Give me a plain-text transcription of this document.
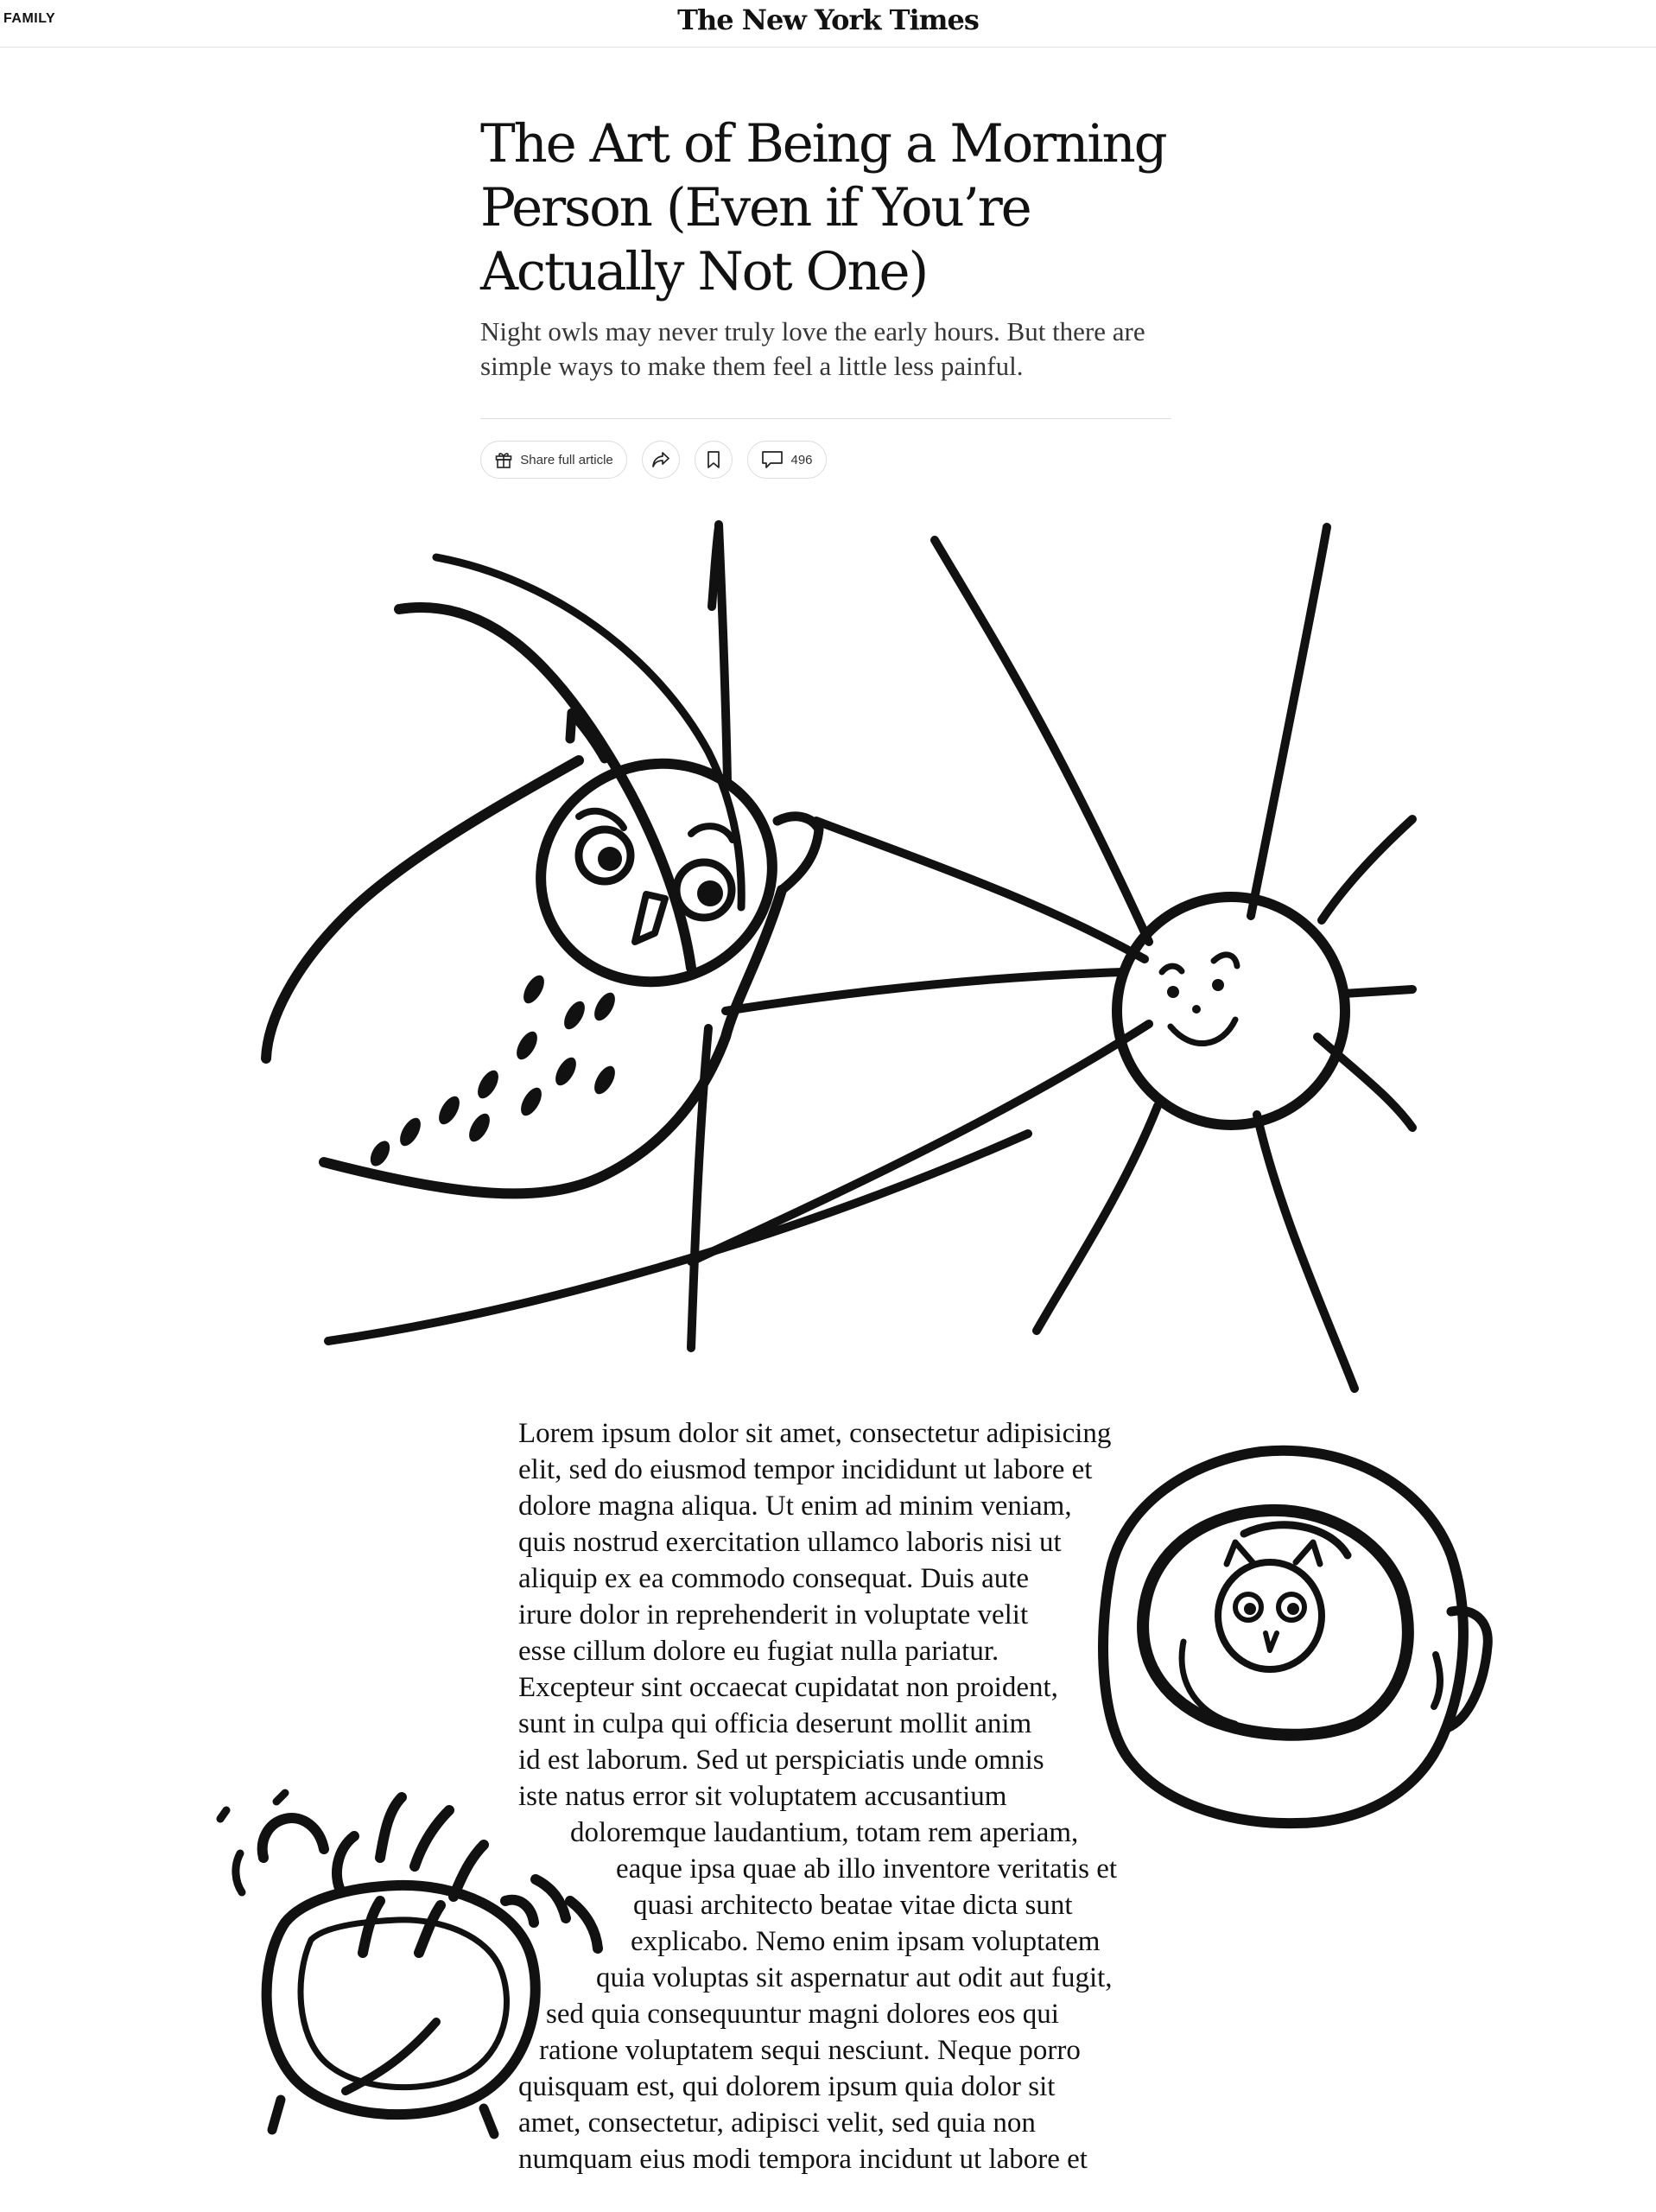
FAMILY	The New York Times
The Art of Being a Morning Person (Even if You’re Actually Not One)

Night owls may never truly love the early hours. But there are simple ways to make them feel a little less painful.

Share full article	496
Lorem ipsum dolor sit amet, consectetur adipisicing
elit, sed do eiusmod tempor incididunt ut labore et
dolore magna aliqua. Ut enim ad minim veniam,
quis nostrud exercitation ullamco laboris nisi ut
aliquip ex ea commodo consequat. Duis aute
irure dolor in reprehenderit in voluptate velit
esse cillum dolore eu fugiat nulla pariatur.
Excepteur sint occaecat cupidatat non proident,
sunt in culpa qui officia deserunt mollit anim
id est laborum. Sed ut perspiciatis unde omnis
iste natus error sit voluptatem accusantium
doloremque laudantium, totam rem aperiam,
eaque ipsa quae ab illo inventore veritatis et
quasi architecto beatae vitae dicta sunt
explicabo. Nemo enim ipsam voluptatem
quia voluptas sit aspernatur aut odit aut fugit,
sed quia consequuntur magni dolores eos qui
ratione voluptatem sequi nesciunt. Neque porro
quisquam est, qui dolorem ipsum quia dolor sit
amet, consectetur, adipisci velit, sed quia non
numquam eius modi tempora incidunt ut labore et
